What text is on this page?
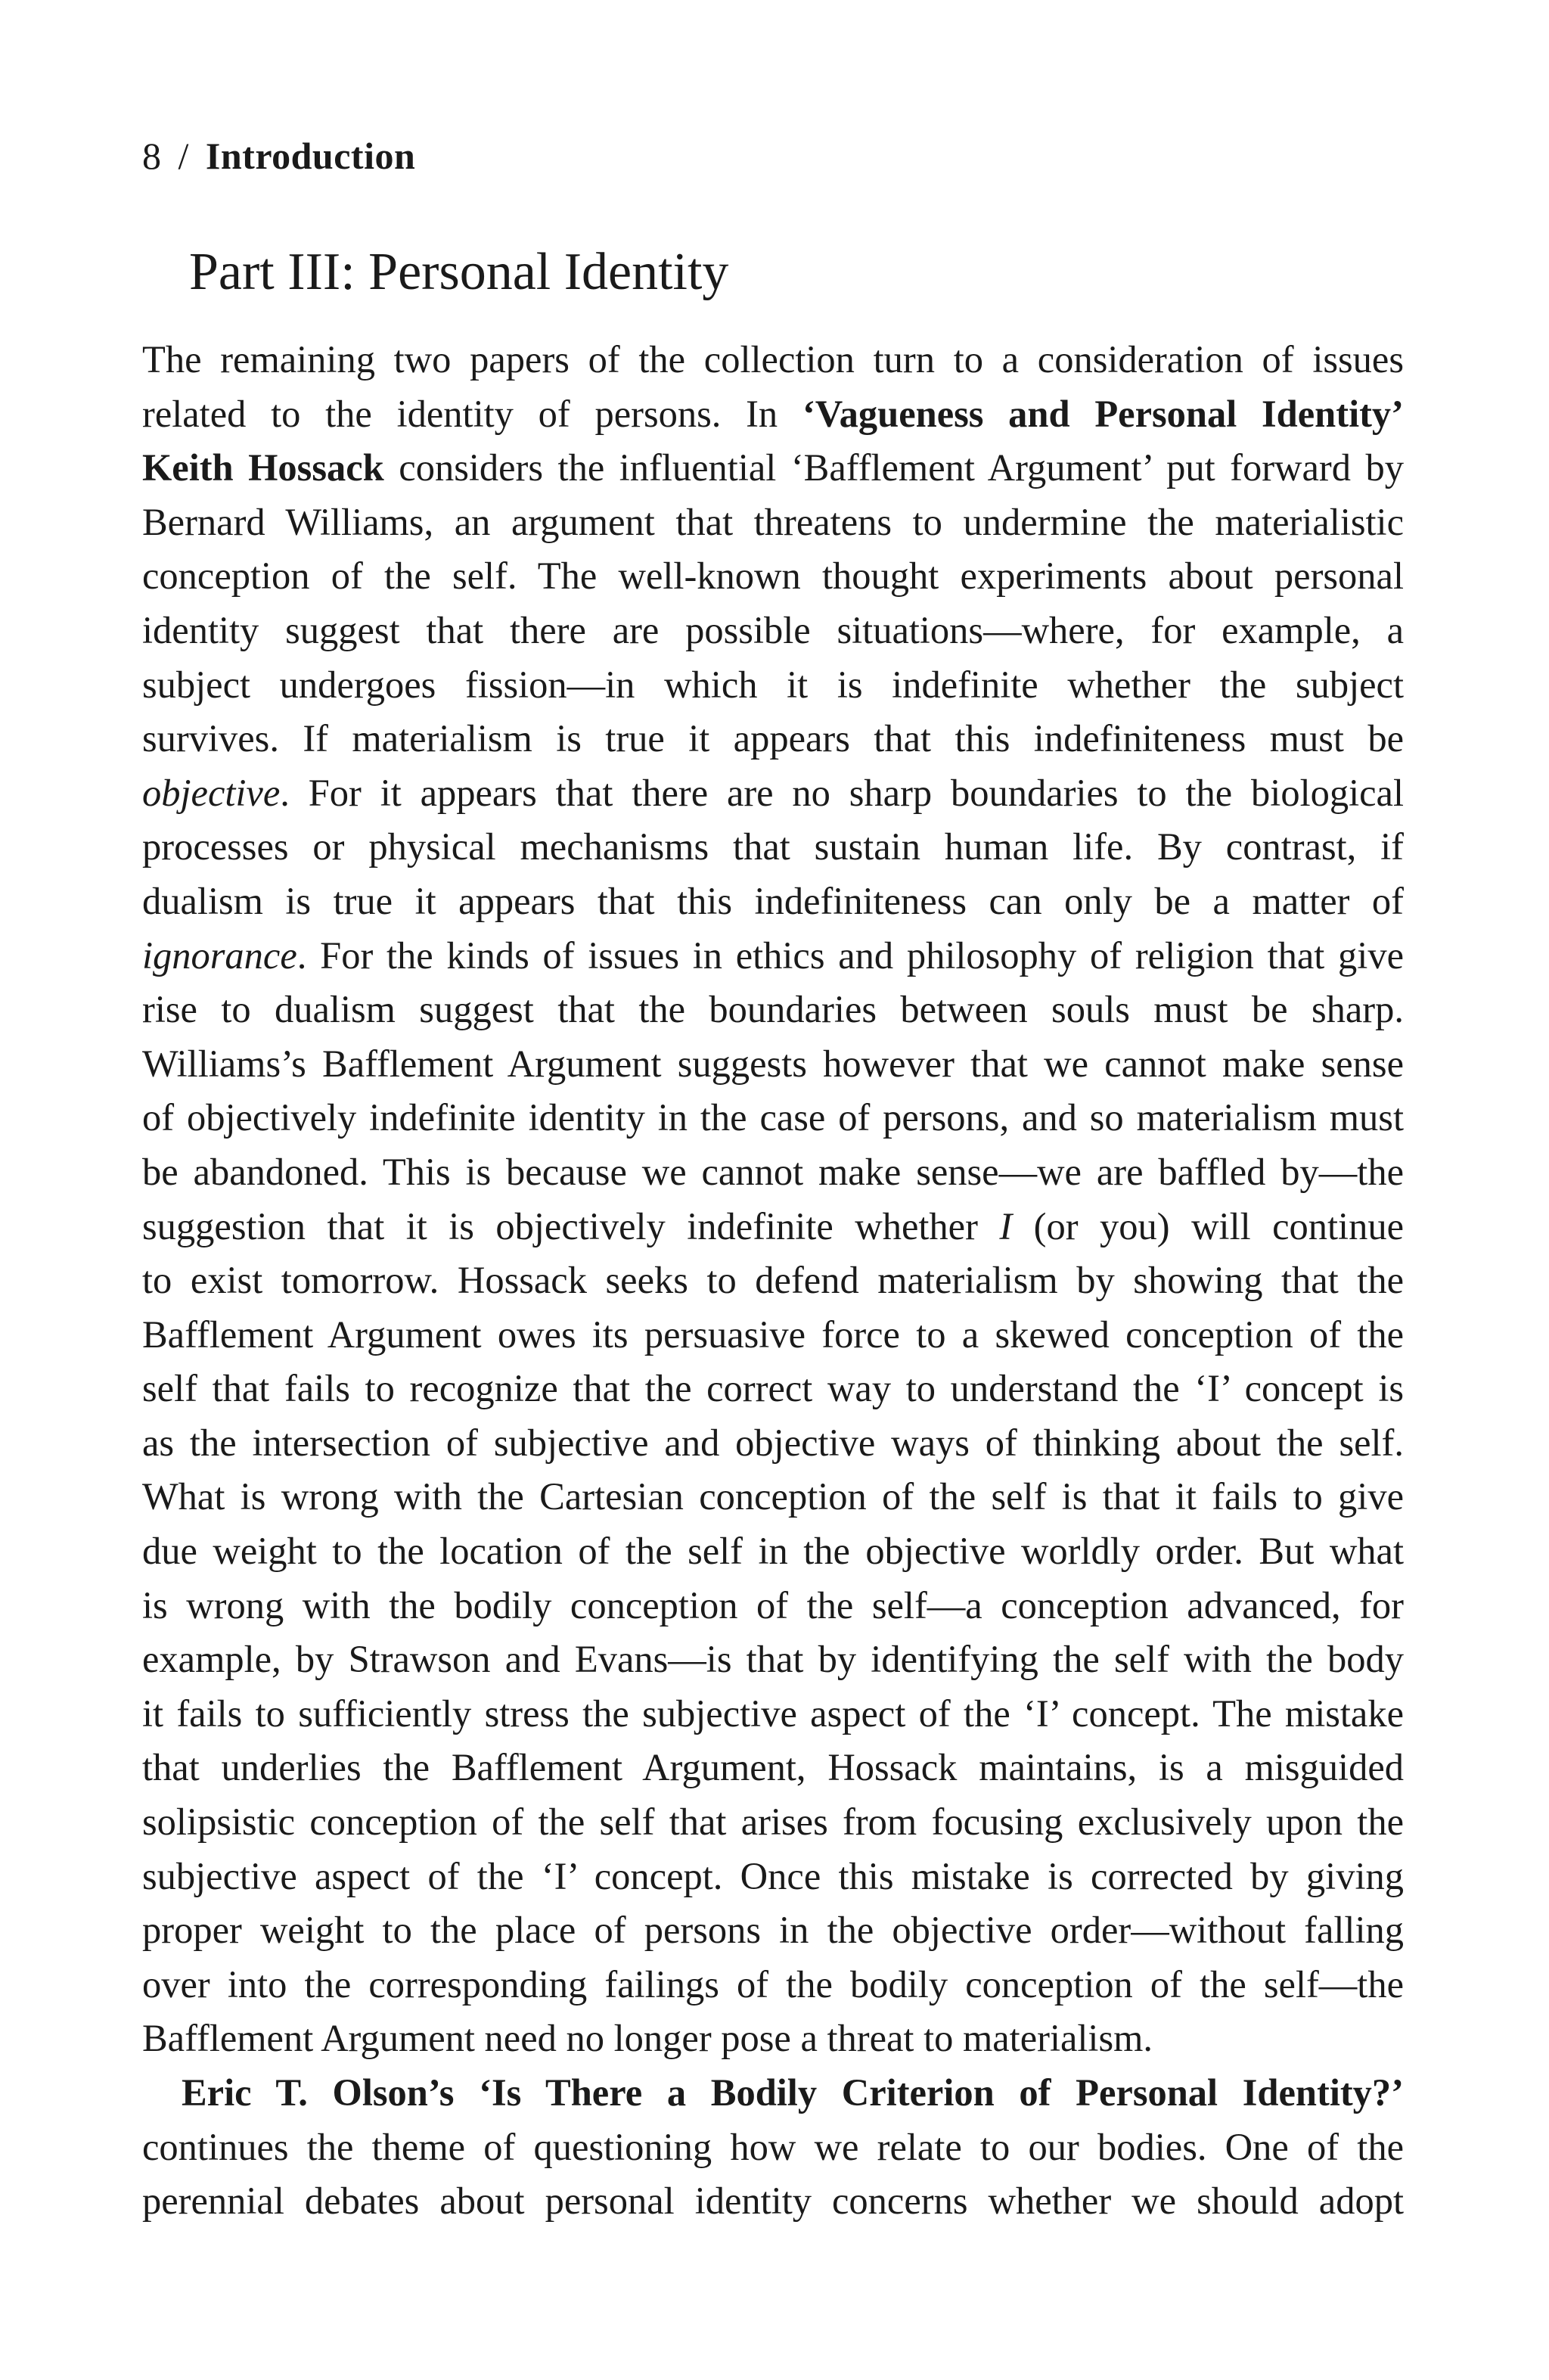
8 / Introduction
Part III: Personal Identity
The remaining two papers of the collection turn to a consideration of issues
related to the identity of persons. In ‘Vagueness and Personal Identity’
Keith Hossack considers the influential ‘Bafflement Argument’ put forward by
Bernard Williams, an argument that threatens to undermine the materialistic
conception of the self. The well-known thought experiments about personal
identity suggest that there are possible situations—where, for example, a
subject undergoes fission—in which it is indefinite whether the subject
survives. If materialism is true it appears that this indefiniteness must be
objective. For it appears that there are no sharp boundaries to the biological
processes or physical mechanisms that sustain human life. By contrast, if
dualism is true it appears that this indefiniteness can only be a matter of
ignorance. For the kinds of issues in ethics and philosophy of religion that give
rise to dualism suggest that the boundaries between souls must be sharp.
Williams’s Bafflement Argument suggests however that we cannot make sense
of objectively indefinite identity in the case of persons, and so materialism must
be abandoned. This is because we cannot make sense—we are baffled by—the
suggestion that it is objectively indefinite whether I (or you) will continue
to exist tomorrow. Hossack seeks to defend materialism by showing that the
Bafflement Argument owes its persuasive force to a skewed conception of the
self that fails to recognize that the correct way to understand the ‘I’ concept is
as the intersection of subjective and objective ways of thinking about the self.
What is wrong with the Cartesian conception of the self is that it fails to give
due weight to the location of the self in the objective worldly order. But what
is wrong with the bodily conception of the self—a conception advanced, for
example, by Strawson and Evans—is that by identifying the self with the body
it fails to sufficiently stress the subjective aspect of the ‘I’ concept. The mistake
that underlies the Bafflement Argument, Hossack maintains, is a misguided
solipsistic conception of the self that arises from focusing exclusively upon the
subjective aspect of the ‘I’ concept. Once this mistake is corrected by giving
proper weight to the place of persons in the objective order—without falling
over into the corresponding failings of the bodily conception of the self—the
Bafflement Argument need no longer pose a threat to materialism.
Eric T. Olson’s ‘Is There a Bodily Criterion of Personal Identity?’
continues the theme of questioning how we relate to our bodies. One of the
perennial debates about personal identity concerns whether we should adopt
